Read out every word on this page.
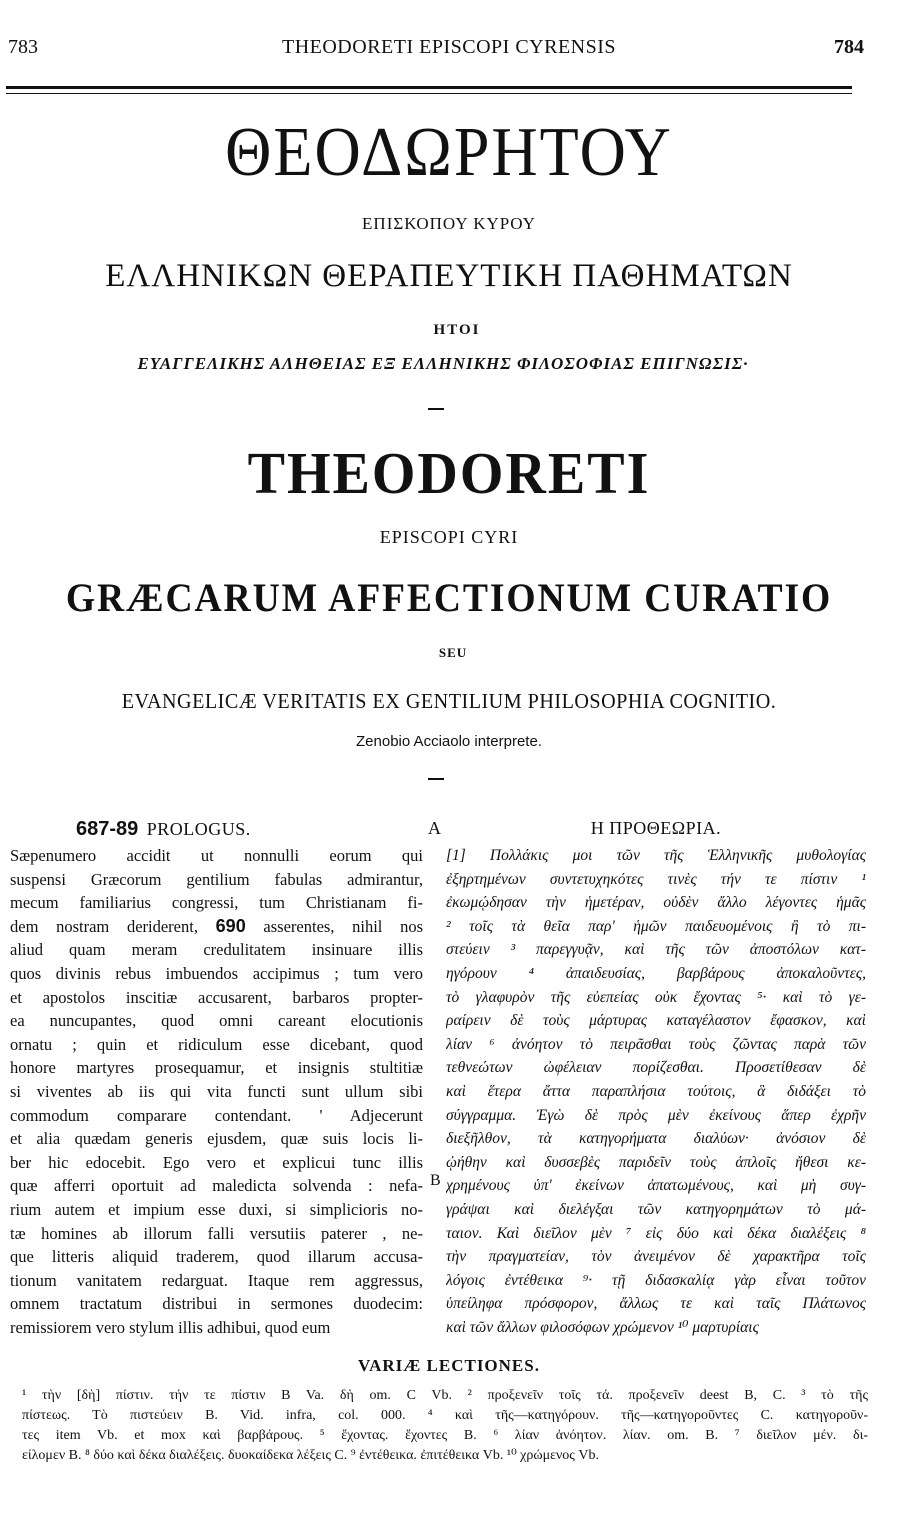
783	THEODORETI EPISCOPI CYRENSIS	784
ΘΕΟΔΩΡΗΤΟΥ
ΕΠΙΣΚΟΠΟΥ ΚΥΡΟΥ
ΕΛΛΗΝΙΚΩΝ ΘΕΡΑΠΕΥΤΙΚΗ ΠΑΘΗΜΑΤΩΝ
ΗΤΟΙ
ΕΥΑΓΓΕΛΙΚΗΣ ΑΛΗΘΕΙΑΣ ΕΞ ΕΛΛΗΝΙΚΗΣ ΦΙΛΟΣΟΦΙΑΣ ΕΠΙΓΝΩΣΙΣ·
THEODORETI
EPISCOPI CYRI
GRÆCARUM AFFECTIONUM CURATIO
SEU
EVANGELICÆ VERITATIS EX GENTILIUM PHILOSOPHIA COGNITIO.
Zenobio Acciaolo interprete.
A
B
687-89 PROLOGUS.
Sæpenumero accidit ut nonnulli eorum qui
suspensi Græcorum gentilium fabulas admirantur,
mecum familiarius congressi, tum Christianam fi-
dem nostram deriderent, 690 asserentes, nihil nos
aliud quam meram credulitatem insinuare illis
quos divinis rebus imbuendos accipimus ; tum vero
et apostolos inscitiæ accusarent, barbaros propter-
ea nuncupantes, quod omni careant elocutionis
ornatu ; quin et ridiculum esse dicebant, quod
honore martyres prosequamur, et insignis stultitiæ
si viventes ab iis qui vita functi sunt ullum sibi
commodum comparare contendant. ' Adjecerunt
et alia quædam generis ejusdem, quæ suis locis li-
ber hic edocebit. Ego vero et explicui tunc illis
quæ afferri oportuit ad maledicta solvenda : nefa-
rium autem et impium esse duxi, si simplicioris no-
tæ homines ab illorum falli versutiis paterer , ne-
que litteris aliquid traderem, quod illarum accusa-
tionum vanitatem redarguat. Itaque rem aggressus,
omnem tractatum distribui in sermones duodecim:
remissiorem vero stylum illis adhibui, quod eum
Η ΠΡΟΘΕΩΡΙΑ.
[1] Πολλάκις μοι τῶν τῆς Ἑλληνικῆς μυθολογίας
ἐξηρτημένων συντετυχηκότες τινὲς τήν τε πίστιν ¹
ἐκωμῴδησαν τὴν ἡμετέραν, οὐδὲν ἄλλο λέγοντες ἡμᾶς
² τοῖς τὰ θεῖα παρ' ἡμῶν παιδευομένοις ἢ τὸ πι-
στεύειν ³ παρεγγυᾷν, καὶ τῆς τῶν ἀποστόλων κατ-
ηγόρουν ⁴ ἀπαιδευσίας, βαρβάρους ἀποκαλοῦντες,
τὸ γλαφυρὸν τῆς εὐεπείας οὐκ ἔχοντας ⁵· καὶ τὸ γε-
ραίρειν δὲ τοὺς μάρτυρας καταγέλαστον ἔφασκον, καὶ
λίαν ⁶ ἀνόητον τὸ πειρᾶσθαι τοὺς ζῶντας παρὰ τῶν
τεθνεώτων ὠφέλειαν πορίζεσθαι. Προσετίθεσαν δὲ
καὶ ἕτερα ἄττα παραπλήσια τούτοις, ἃ διδάξει τὸ
σύγγραμμα. Ἐγὼ δὲ πρὸς μὲν ἐκείνους ἅπερ ἐχρῆν
διεξῆλθον, τὰ κατηγορήματα διαλύων· ἀνόσιον δὲ
ᾠήθην καὶ δυσσεβὲς παριδεῖν τοὺς ἁπλοῖς ἤθεσι κε-
χρημένους ὑπ' ἐκείνων ἀπατωμένους, καὶ μὴ συγ-
γράψαι καὶ διελέγξαι τῶν κατηγορημάτων τὸ μά-
ταιον. Καὶ διεῖλον μὲν ⁷ εἰς δύο καὶ δέκα διαλέξεις ⁸
τὴν πραγματείαν, τὸν ἀνειμένον δὲ χαρακτῆρα τοῖς
λόγοις ἐντέθεικα ⁹· τῇ διδασκαλίᾳ γὰρ εἶναι τοῦτον
ὑπείληφα πρόσφορον, ἄλλως τε καὶ ταῖς Πλάτωνος
καὶ τῶν ἄλλων φιλοσόφων χρώμενον ¹⁰ μαρτυρίαις
VARIÆ LECTIONES.
¹ τὴν [δὴ] πίστιν. τήν τε πίστιν B Va. δὴ om. C Vb. ² προξενεῖν τοῖς τά. προξενεῖν deest B, C. ³ τὸ τῆς
πίστεως. Τὸ πιστεύειν B. Vid. infra, col. 000. ⁴ καὶ τῆς—κατηγόρουν. τῆς—κατηγοροῦντες C. κατηγοροῦν-
τες item Vb. et mox καὶ βαρβάρους. ⁵ ἔχοντας. ἔχοντες B. ⁶ λίαν ἀνόητον. λίαν. om. B. ⁷ διεῖλον μέν. δι-
είλομεν B. ⁸ δύο καὶ δέκα διαλέξεις. δυοκαίδεκα λέξεις C. ⁹ ἐντέθεικα. ἐπιτέθεικα Vb. ¹⁰ χρώμενος Vb.
